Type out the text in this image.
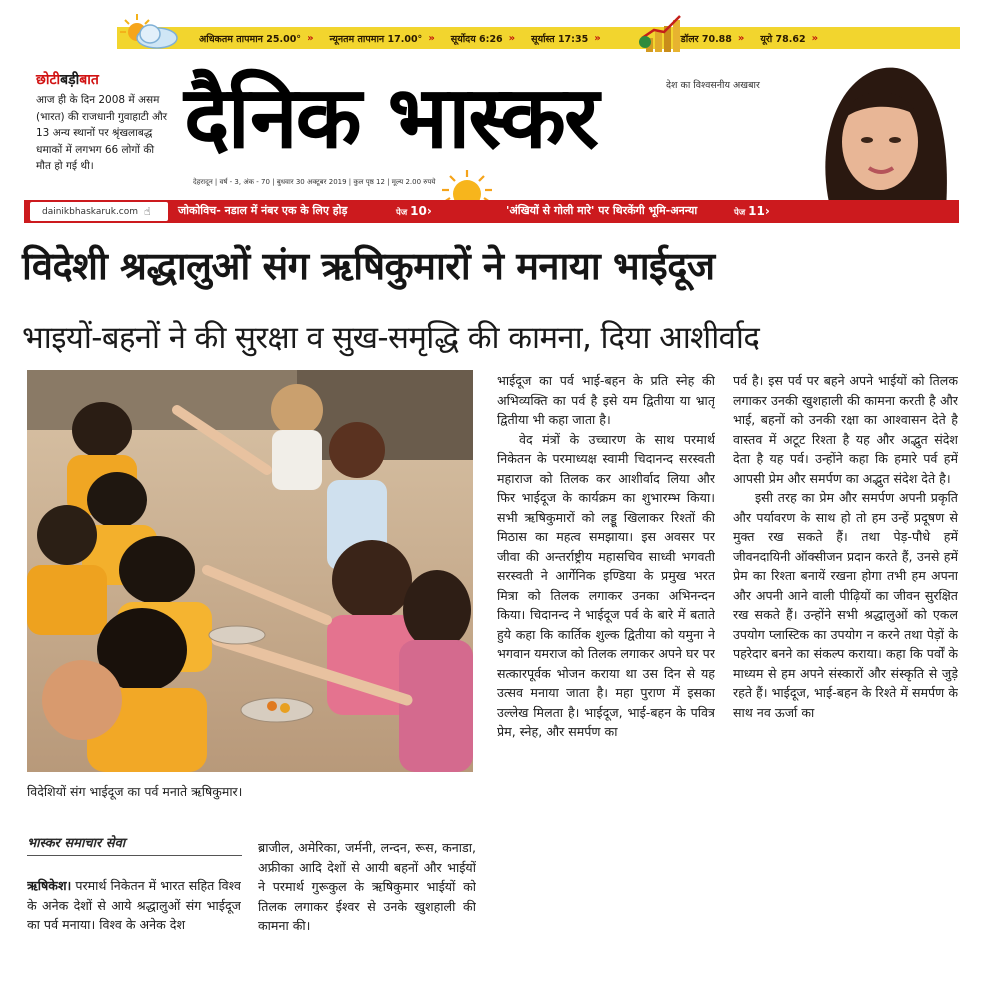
अधिकतम तापमान 25.00° » न्यूनतम तापमान 17.00° » सूर्योदय 6:26 » सूर्यास्त 17:35 »	डॉलर 70.88 » यूरो 78.62 »
छोटीबड़ीबात

आज ही के दिन 2008 में असम (भारत) की राजधानी गुवाहाटी और 13 अन्य स्थानों पर श्रृंखलाबद्ध धमाकों में लगभग 66 लोगों की मौत हो गई थी।	दैनिक भास्कर	देश का विश्वसनीय अखबार
देहरादून | वर्ष - 3, अंक - 70 | बुधवार 30 अक्टूबर 2019 | कुल पृष्ठ 12 | मूल्य 2.00 रुपये
dainikbhaskaruk.com ☝ जोकोविच- नडाल में नंबर एक के लिए होड़	पेज 10›	'अंखियों से गोली मारे' पर थिरकेंगी भूमि-अनन्या	पेज 11›
विदेशी श्रद्धालुओं संग ऋषिकुमारों ने मनाया भाईदूज
भाइयों-बहनों ने की सुरक्षा व सुख-समृद्धि की कामना, दिया आशीर्वाद
विदेशियों संग भाईदूज का पर्व मनाते ऋषिकुमार।
भास्कर समाचार सेवा

ऋषिकेश। परमार्थ निकेतन में भारत सहित विश्व के अनेक देशों से आये श्रद्धालुओं संग भाईदूज का पर्व मनाया। विश्व के अनेक देश

ब्राजील, अमेरिका, जर्मनी, लन्दन, रूस, कनाडा, अफ्रीका आदि देशों से आयी बहनों और भाईयों ने परमार्थ गुरूकुल के ऋषिकुमार भाईयों को तिलक लगाकर ईश्वर से उनके खुशहाली की कामना की।

भाईदूज का पर्व भाई-बहन के प्रति स्नेह की अभिव्यक्ति का पर्व है इसे यम द्वितीया या भ्रातृ द्वितीया भी कहा जाता है।

वेद मंत्रों के उच्चारण के साथ परमार्थ निकेतन के परमाध्यक्ष स्वामी चिदानन्द सरस्वती महाराज को तिलक कर आशीर्वाद लिया और फिर भाईदूज के कार्यक्रम का शुभारम्भ किया। सभी ऋषिकुमारों को लड्डू खिलाकर रिश्तों की मिठास का महत्व समझाया। इस अवसर पर जीवा की अन्तर्राष्ट्रीय महासचिव साध्वी भगवती सरस्वती ने आर्गेनिक इण्डिया के प्रमुख भरत मित्रा को तिलक लगाकर उनका अभिनन्दन किया। चिदानन्द ने भाईदूज पर्व के बारे में बताते हुये कहा कि कार्तिक शुल्क द्वितीया को यमुना ने भगवान यमराज को तिलक लगाकर अपने घर पर सत्कारपूर्वक भोजन कराया था उस दिन से यह उत्सव मनाया जाता है। महा पुराण में इसका उल्लेख मिलता है। भाईदूज, भाई-बहन के पवित्र प्रेम, स्नेह, और समर्पण का

पर्व है। इस पर्व पर बहने अपने भाईयों को तिलक लगाकर उनकी खुशहाली की कामना करती है और भाई, बहनों को उनकी रक्षा का आश्वासन देते है वास्तव में अटूट रिश्ता है यह और अद्भुत संदेश देता है यह पर्व। उन्होंने कहा कि हमारे पर्व हमें आपसी प्रेम और समर्पण का अद्भुत संदेश देते है।

इसी तरह का प्रेम और समर्पण अपनी प्रकृति और पर्यावरण के साथ हो तो हम उन्हें प्रदूषण से मुक्त रख सकते हैं। तथा पेड़-पौधे हमें जीवनदायिनी ऑक्सीजन प्रदान करते हैं, उनसे हमें प्रेम का रिश्ता बनायें रखना होगा तभी हम अपना और अपनी आने वाली पीढ़ियों का जीवन सुरक्षित रख सकते हैं। उन्होंने सभी श्रद्धालुओं को एकल उपयोग प्लास्टिक का उपयोग न करने तथा पेड़ों के पहरेदार बनने का संकल्प कराया। कहा कि पर्वों के माध्यम से हम अपने संस्कारों और संस्कृति से जुड़े रहते हैं। भाईदूज, भाई-बहन के रिश्ते में समर्पण के साथ नव ऊर्जा का
